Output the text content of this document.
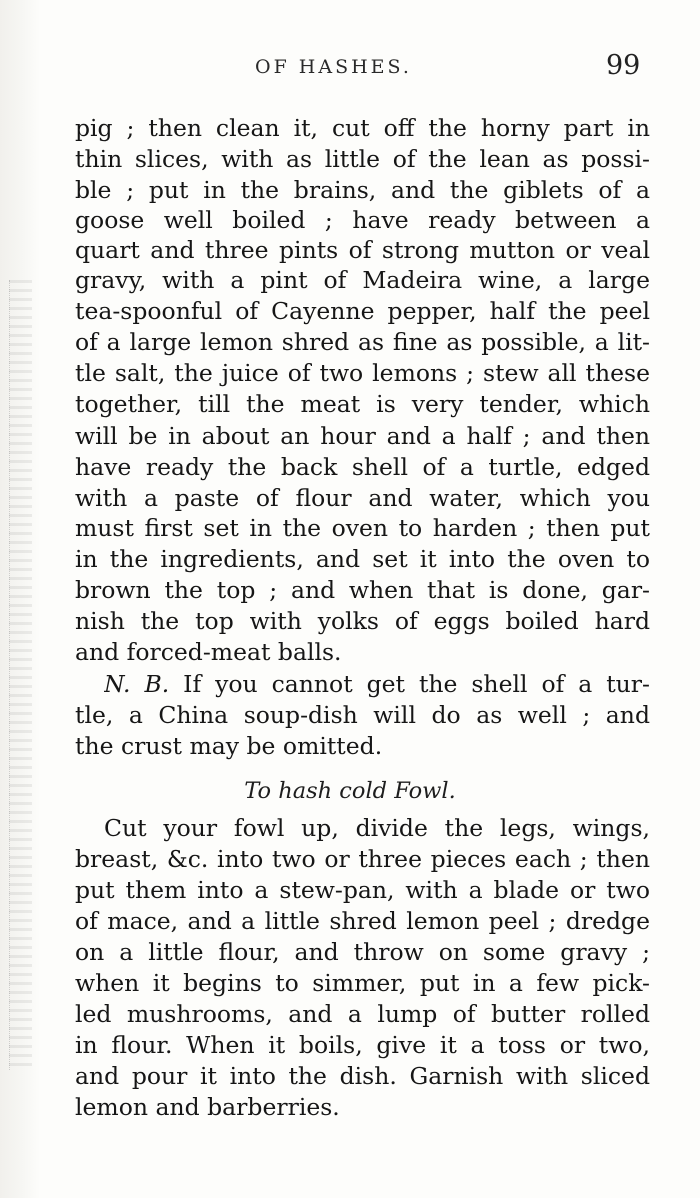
OF HASHES.	99
pig ; then clean it, cut off the horny part in
thin slices, with as little of the lean as possi-
ble ; put in the brains, and the giblets of a
goose well boiled ; have ready between a
quart and three pints of strong mutton or veal
gravy, with a pint of Madeira wine, a large
tea-spoonful of Cayenne pepper, half the peel
of a large lemon shred as fine as possible, a lit-
tle salt, the juice of two lemons ; stew all these
together, till the meat is very tender, which
will be in about an hour and a half ; and then
have ready the back shell of a turtle, edged
with a paste of flour and water, which you
must first set in the oven to harden ; then put
in the ingredients, and set it into the oven to
brown the top ; and when that is done, gar-
nish the top with yolks of eggs boiled hard
and forced-meat balls.
N. B. If you cannot get the shell of a tur-
tle, a China soup-dish will do as well ; and
the crust may be omitted.
To hash cold Fowl.
Cut your fowl up, divide the legs, wings,
breast, &c. into two or three pieces each ; then
put them into a stew-pan, with a blade or two
of mace, and a little shred lemon peel ; dredge
on a little flour, and throw on some gravy ;
when it begins to simmer, put in a few pick-
led mushrooms, and a lump of butter rolled
in flour. When it boils, give it a toss or two,
and pour it into the dish. Garnish with sliced
lemon and barberries.
